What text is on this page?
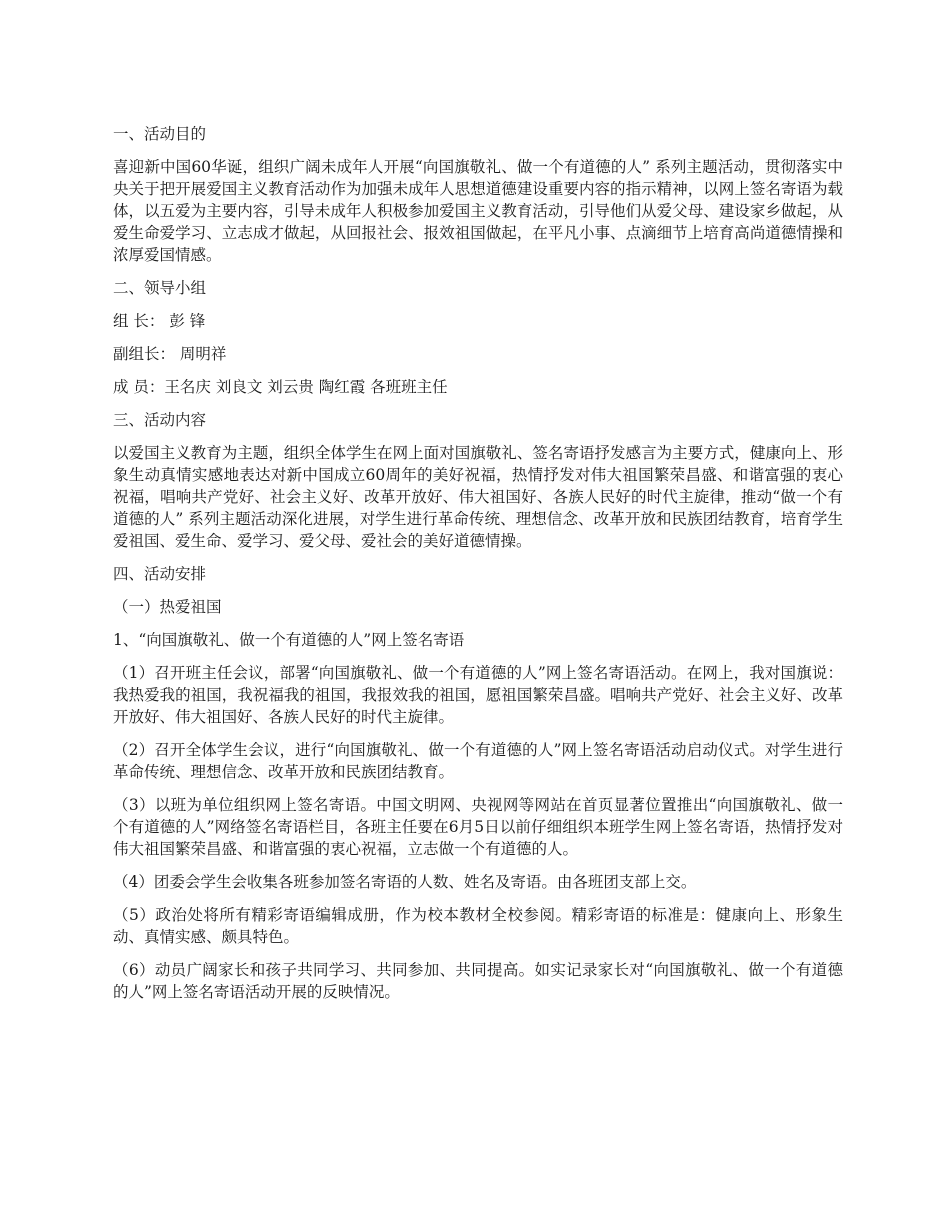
一、活动目的

喜迎新中国60华诞，组织广阔未成年人开展“向国旗敬礼、做一个有道德的人” 系列主题活动，贯彻落实中央关于把开展爱国主义教育活动作为加强未成年人思想道德建设重要内容的指示精神，以网上签名寄语为载体，以五爱为主要内容，引导未成年人积极参加爱国主义教育活动，引导他们从爱父母、建设家乡做起，从爱生命爱学习、立志成才做起，从回报社会、报效祖国做起，在平凡小事、点滴细节上培育高尚道德情操和浓厚爱国情感。

二、领导小组

组 长： 彭 锋

副组长： 周明祥

成 员：王名庆 刘良文 刘云贵 陶红霞 各班班主任

三、活动内容

以爱国主义教育为主题，组织全体学生在网上面对国旗敬礼、签名寄语抒发感言为主要方式，健康向上、形象生动真情实感地表达对新中国成立60周年的美好祝福，热情抒发对伟大祖国繁荣昌盛、和谐富强的衷心祝福，唱响共产党好、社会主义好、改革开放好、伟大祖国好、各族人民好的时代主旋律，推动“做一个有道德的人” 系列主题活动深化进展，对学生进行革命传统、理想信念、改革开放和民族团结教育，培育学生爱祖国、爱生命、爱学习、爱父母、爱社会的美好道德情操。

四、活动安排

（一）热爱祖国

1、“向国旗敬礼、做一个有道德的人”网上签名寄语

（1）召开班主任会议，部署“向国旗敬礼、做一个有道德的人”网上签名寄语活动。在网上，我对国旗说：我热爱我的祖国，我祝福我的祖国，我报效我的祖国，愿祖国繁荣昌盛。唱响共产党好、社会主义好、改革开放好、伟大祖国好、各族人民好的时代主旋律。

（2）召开全体学生会议，进行“向国旗敬礼、做一个有道德的人”网上签名寄语活动启动仪式。对学生进行革命传统、理想信念、改革开放和民族团结教育。

（3）以班为单位组织网上签名寄语。中国文明网、央视网等网站在首页显著位置推出“向国旗敬礼、做一个有道德的人”网络签名寄语栏目，各班主任要在6月5日以前仔细组织本班学生网上签名寄语，热情抒发对伟大祖国繁荣昌盛、和谐富强的衷心祝福，立志做一个有道德的人。

（4）团委会学生会收集各班参加签名寄语的人数、姓名及寄语。由各班团支部上交。

（5）政治处将所有精彩寄语编辑成册，作为校本教材全校参阅。精彩寄语的标准是：健康向上、形象生动、真情实感、颇具特色。

（6）动员广阔家长和孩子共同学习、共同参加、共同提高。如实记录家长对“向国旗敬礼、做一个有道德的人”网上签名寄语活动开展的反映情况。
